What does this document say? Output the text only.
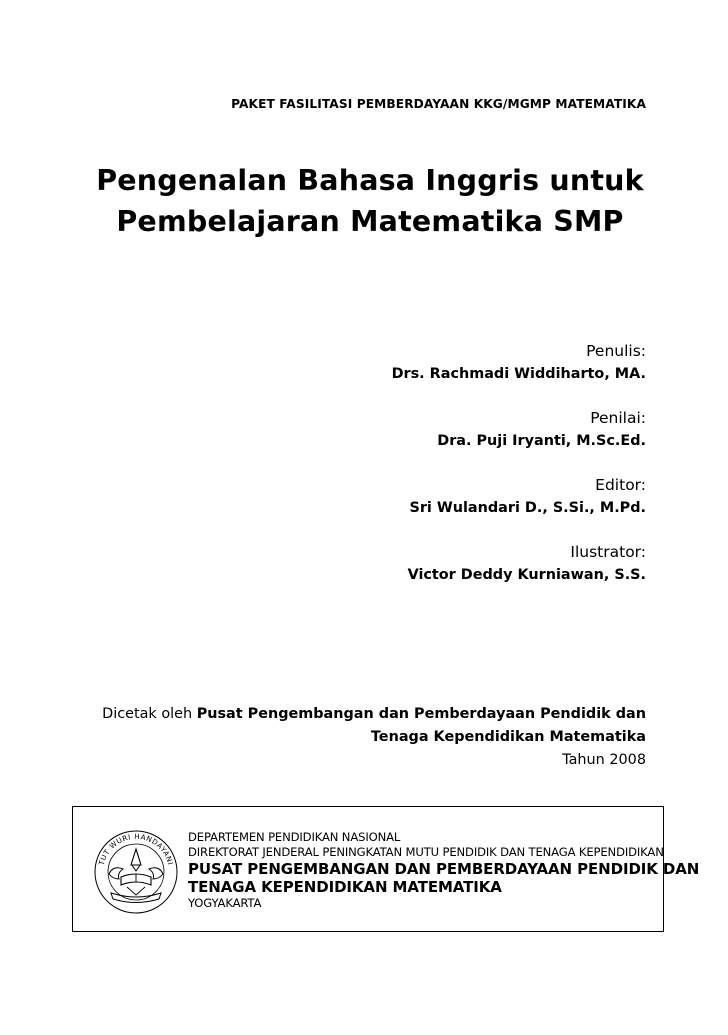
PAKET FASILITASI PEMBERDAYAAN KKG/MGMP MATEMATIKA
Pengenalan Bahasa Inggris untuk
Pembelajaran Matematika SMP
Penulis:
Drs. Rachmadi Widdiharto, MA.
Penilai:
Dra. Puji Iryanti, M.Sc.Ed.
Editor:
Sri Wulandari D., S.Si., M.Pd.
Ilustrator:
Victor Deddy Kurniawan, S.S.
Dicetak oleh Pusat Pengembangan dan Pemberdayaan Pendidik dan
Tenaga Kependidikan Matematika
Tahun 2008
TUT WURI HANDAYANI
DEPARTEMEN PENDIDIKAN NASIONAL
DIREKTORAT JENDERAL PENINGKATAN MUTU PENDIDIK DAN TENAGA KEPENDIDIKAN
PUSAT PENGEMBANGAN DAN PEMBERDAYAAN PENDIDIK DAN
TENAGA KEPENDIDIKAN MATEMATIKA
YOGYAKARTA
